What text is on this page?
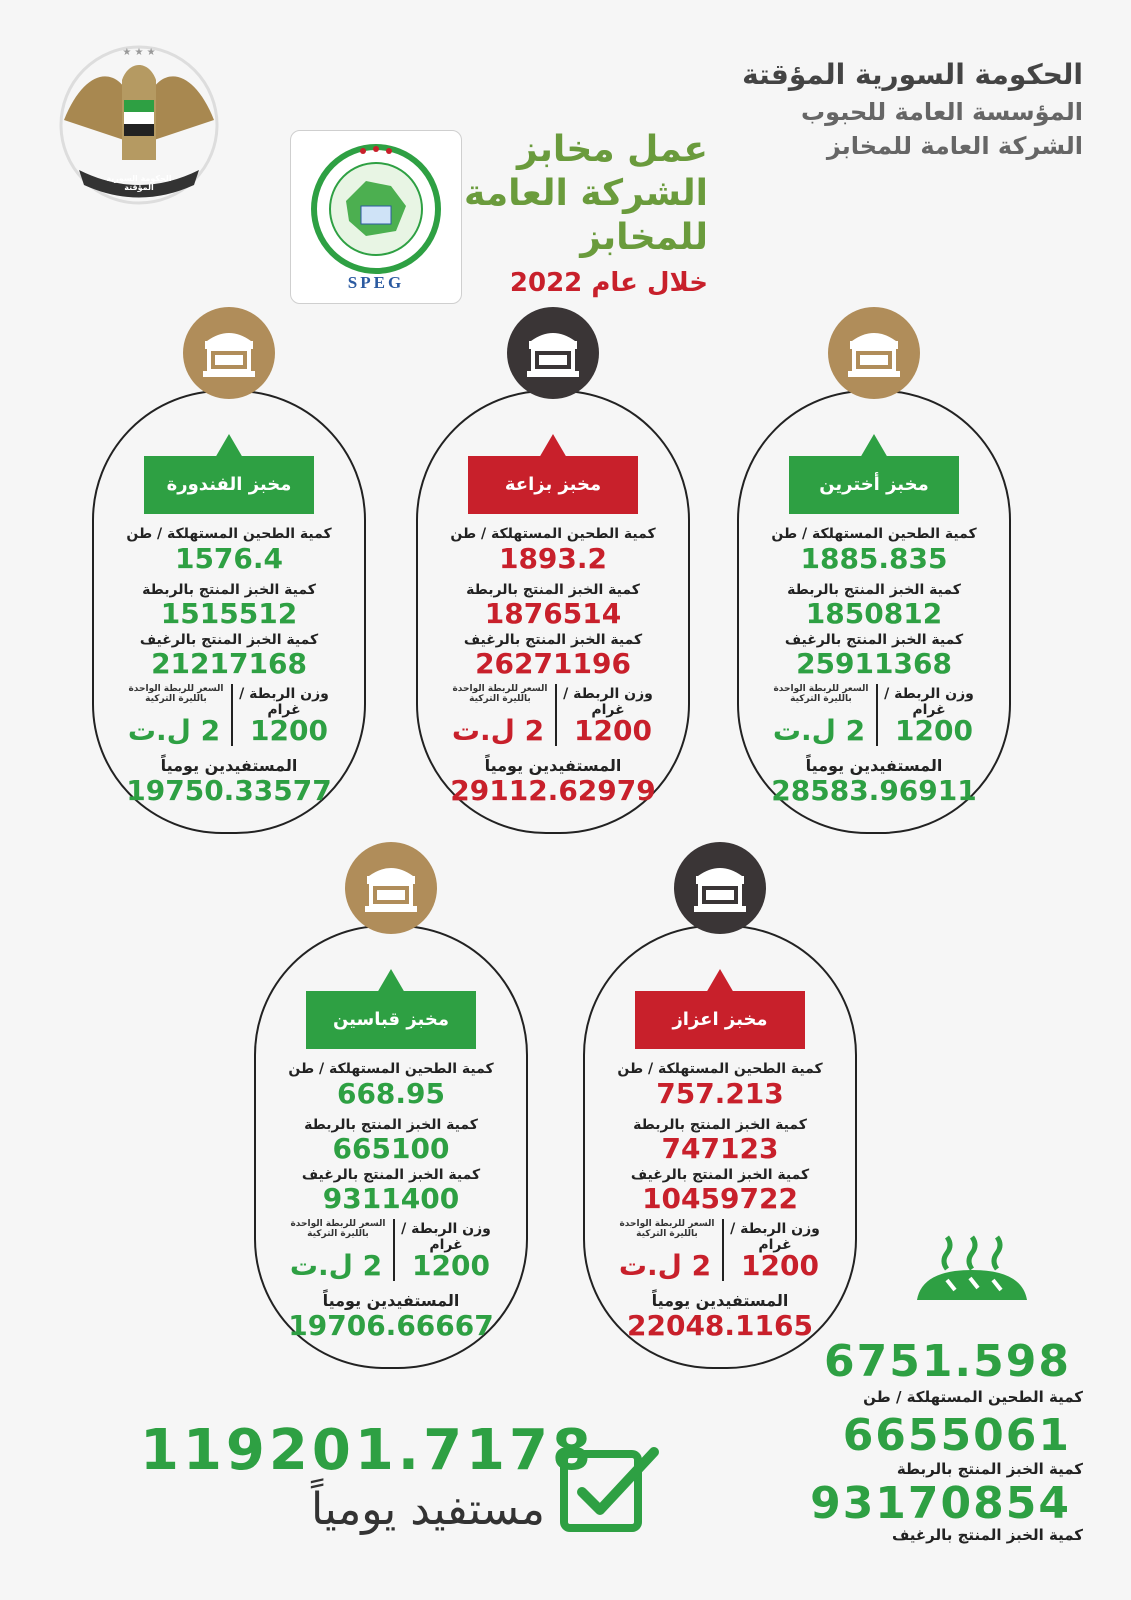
★ ★ ★
الحكومة السورية المؤقتة
الحكومة السورية المؤقتة
المؤسسة العامة للحبوب
الشركة العامة للمخابز
عمل مخابز
الشركة العامة
للمخابز
خلال عام 2022
SPEG
مخبز الفندورة
كمية الطحين المستهلكة / طن
1576.4
كمية الخبز المنتج بالربطة
1515512
كمية الخبز المنتج بالرغيف
21217168
وزن الربطة /غرام
السعر للربطة الواحدة بالليرة التركية
1200
2 ل.ت
المستفيدين يومياً
19750.33577
مخبز بزاعة
كمية الطحين المستهلكة / طن
1893.2
كمية الخبز المنتج بالربطة
1876514
كمية الخبز المنتج بالرغيف
26271196
وزن الربطة /غرام
السعر للربطة الواحدة بالليرة التركية
1200
2 ل.ت
المستفيدين يومياً
29112.62979
مخبز أخترين
كمية الطحين المستهلكة / طن
1885.835
كمية الخبز المنتج بالربطة
1850812
كمية الخبز المنتج بالرغيف
25911368
وزن الربطة /غرام
السعر للربطة الواحدة بالليرة التركية
1200
2 ل.ت
المستفيدين يومياً
28583.96911
مخبز قباسين
كمية الطحين المستهلكة / طن
668.95
كمية الخبز المنتج بالربطة
665100
كمية الخبز المنتج بالرغيف
9311400
وزن الربطة /غرام
السعر للربطة الواحدة بالليرة التركية
1200
2 ل.ت
المستفيدين يومياً
19706.66667
مخبز اعزاز
كمية الطحين المستهلكة / طن
757.213
كمية الخبز المنتج بالربطة
747123
كمية الخبز المنتج بالرغيف
10459722
وزن الربطة /غرام
السعر للربطة الواحدة بالليرة التركية
1200
2 ل.ت
المستفيدين يومياً
22048.1165
6751.598
كمية الطحين المستهلكة / طن
6655061
كمية الخبز المنتج بالربطة
93170854
كمية الخبز المنتج بالرغيف
119201.7178
مستفيد يومياً
